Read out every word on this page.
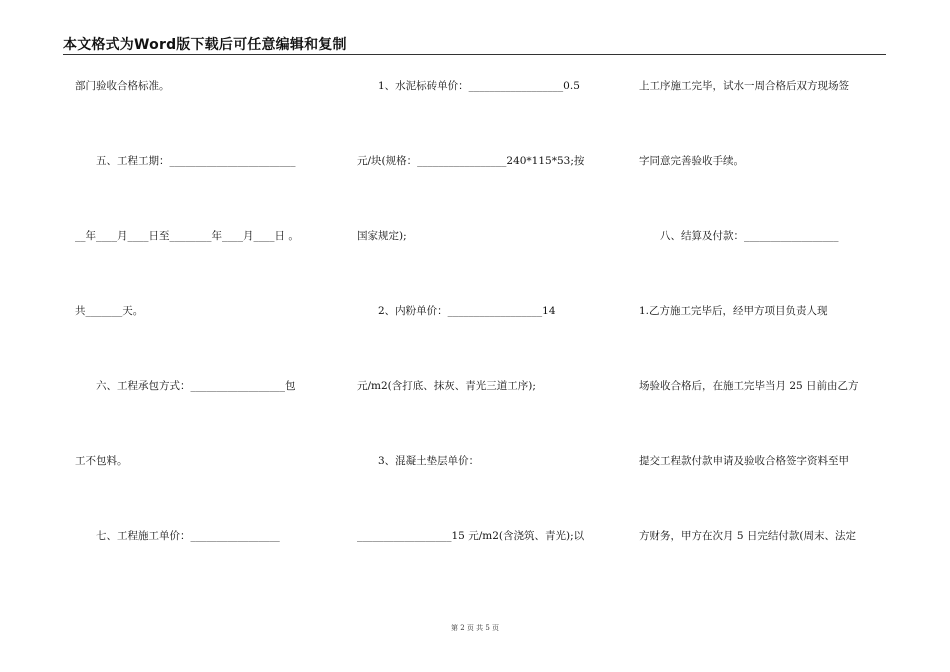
本文格式为Word版下载后可任意编辑和复制
部门验收合格标准。
　　五、工程工期：________________________
__年____月____日至________年____月____日 。
共_______天。
　　六、工程承包方式：__________________包
工不包料。
　　七、工程施工单价：_________________
　　1、水泥标砖单价：__________________0.5
元/块(规格：_________________240*115*53;按
国家规定);
　　2、内粉单价：__________________14
元/m2(含打底、抹灰、青光三道工序);
　　3、混凝土垫层单价：
__________________15 元/m2(含浇筑、青光);以
上工序施工完毕，试水一周合格后双方现场签
字同意完善验收手续。
　　八、结算及付款：__________________
1.乙方施工完毕后，经甲方项目负责人现
场验收合格后，在施工完毕当月 25 日前由乙方
提交工程款付款申请及验收合格签字资料至甲
方财务，甲方在次月 5 日完结付款(周末、法定
第 2 页 共 5 页
